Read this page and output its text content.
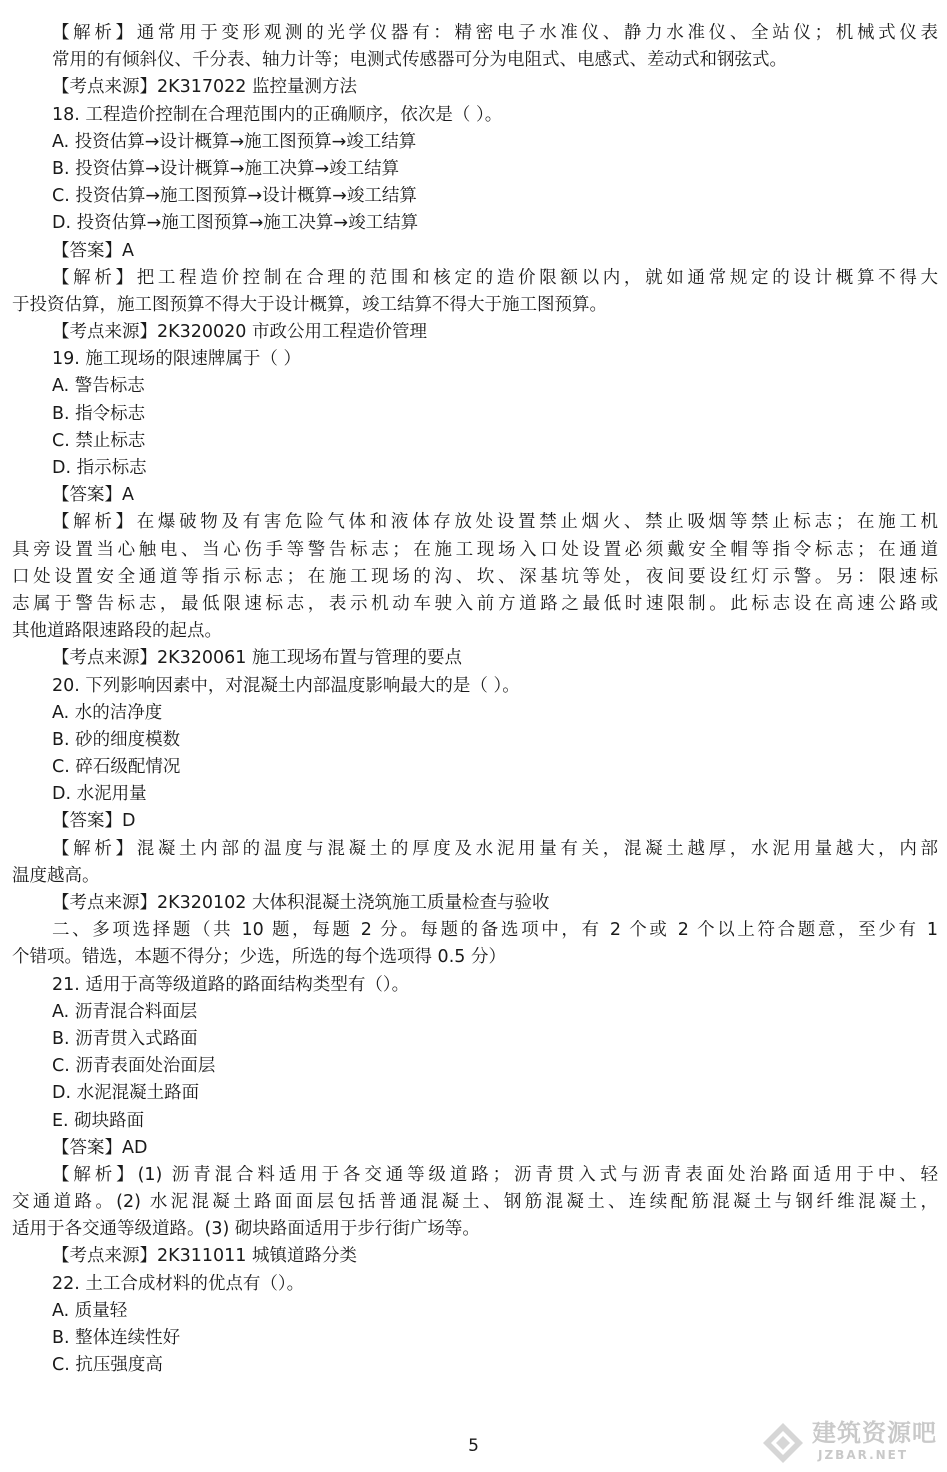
【解析】通常用于变形观测的光学仪器有：精密电子水准仪、静力水准仪、全站仪；机械式仪表
常用的有倾斜仪、千分表、轴力计等；电测式传感器可分为电阻式、电感式、差动式和钢弦式。
【考点来源】2K317022 监控量测方法
18. 工程造价控制在合理范围内的正确顺序，依次是（ ）。
A. 投资估算→设计概算→施工图预算→竣工结算
B. 投资估算→设计概算→施工决算→竣工结算
C. 投资估算→施工图预算→设计概算→竣工结算
D. 投资估算→施工图预算→施工决算→竣工结算
【答案】A
【解析】把工程造价控制在合理的范围和核定的造价限额以内，就如通常规定的设计概算不得大
于投资估算，施工图预算不得大于设计概算，竣工结算不得大于施工图预算。
【考点来源】2K320020 市政公用工程造价管理
19. 施工现场的限速牌属于（ ）
A. 警告标志
B. 指令标志
C. 禁止标志
D. 指示标志
【答案】A
【解析】在爆破物及有害危险气体和液体存放处设置禁止烟火、禁止吸烟等禁止标志；在施工机
具旁设置当心触电、当心伤手等警告标志；在施工现场入口处设置必须戴安全帽等指令标志；在通道
口处设置安全通道等指示标志；在施工现场的沟、坎、深基坑等处，夜间要设红灯示警。另：限速标
志属于警告标志，最低限速标志，表示机动车驶入前方道路之最低时速限制。此标志设在高速公路或
其他道路限速路段的起点。
【考点来源】2K320061 施工现场布置与管理的要点
20. 下列影响因素中，对混凝土内部温度影响最大的是（ ）。
A. 水的洁净度
B. 砂的细度模数
C. 碎石级配情况
D. 水泥用量
【答案】D
【解析】混凝土内部的温度与混凝土的厚度及水泥用量有关，混凝土越厚，水泥用量越大，内部
温度越高。
【考点来源】2K320102 大体积混凝土浇筑施工质量检查与验收
二、多项选择题（共 10 题，每题 2 分。每题的备选项中，有 2 个或 2 个以上符合题意，至少有 1
个错项。错选，本题不得分；少选，所选的每个选项得 0.5 分）
21. 适用于高等级道路的路面结构类型有（）。
A. 沥青混合料面层
B. 沥青贯入式路面
C. 沥青表面处治面层
D. 水泥混凝土路面
E. 砌块路面
【答案】AD
【解析】(1) 沥青混合料适用于各交通等级道路；沥青贯入式与沥青表面处治路面适用于中、轻
交通道路。(2) 水泥混凝土路面面层包括普通混凝土、钢筋混凝土、连续配筋混凝土与钢纤维混凝土，
适用于各交通等级道路。(3) 砌块路面适用于步行街广场等。
【考点来源】2K311011 城镇道路分类
22. 土工合成材料的优点有（）。
A. 质量轻
B. 整体连续性好
C. 抗压强度高
5	建筑资源吧
JZBAR.NET
